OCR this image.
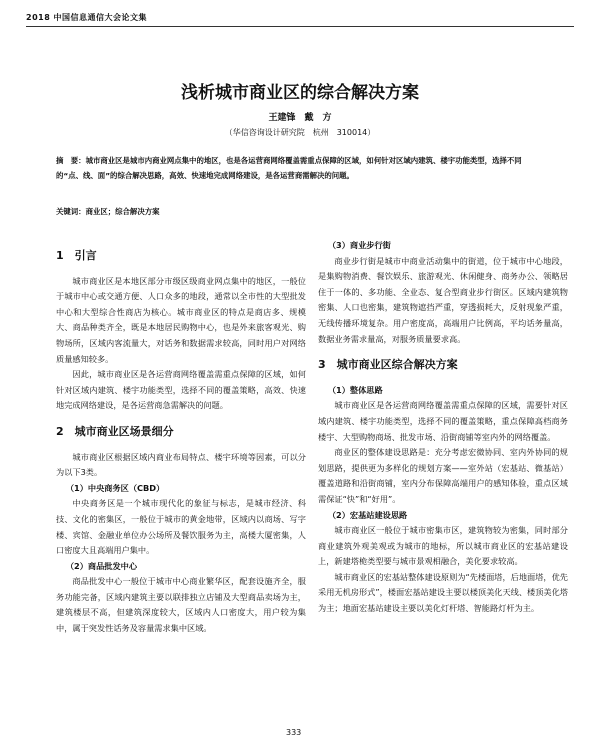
2018 中国信息通信大会论文集
浅析城市商业区的综合解决方案
王建锋　戴　方
（华信咨询设计研究院　杭州　310014）
摘　要：城市商业区是城市内商业网点集中的地区，也是各运营商网络覆盖需重点保障的区域，如何针对区域内建筑、楼宇功能类型，选择不同的“点、线、面”的综合解决思路，高效、快速地完成网络建设，是各运营商需解决的问题。
关键词：商业区；综合解决方案
1　引言

城市商业区是本地区部分市级区级商业网点集中的地区，一般位于城市中心或交通方便、人口众多的地段，通常以全市性的大型批发中心和大型综合性商店为核心。城市商业区的特点是商店多、规模大、商品种类齐全，既是本地居民购物中心，也是外来旅客观光、购物场所，区域内客流量大，对话务和数据需求较高，同时用户对网络质量感知较多。

因此，城市商业区是各运营商网络覆盖需重点保障的区域，如何针对区域内建筑、楼宇功能类型，选择不同的覆盖策略，高效、快速地完成网络建设，是各运营商急需解决的问题。

2　城市商业区场景细分

城市商业区根据区域内商业布局特点、楼宇环境等因素，可以分为以下3类。

（1）中央商务区（CBD）

中央商务区是一个城市现代化的象征与标志，是城市经济、科技、文化的密集区，一般位于城市的黄金地带，区域内以商场、写字楼、宾馆、金融业单位办公场所及餐饮服务为主，高楼大厦密集，人口密度大且高端用户集中。

（2）商品批发中心

商品批发中心一般位于城市中心商业繁华区，配套设施齐全，服务功能完备，区域内建筑主要以联排独立店铺及大型商品卖场为主，建筑楼层不高，但建筑深度较大，区域内人口密度大，用户较为集中，属于突发性话务及容量需求集中区域。

（3）商业步行街

商业步行街是城市中商业活动集中的街道，位于城市中心地段，是集购物消费、餐饮娱乐、旅游观光、休闲健身、商务办公、领略居住于一体的、多功能、全业态、复合型商业步行街区。区域内建筑物密集、人口也密集，建筑物遮挡严重，穿透损耗大，反射现象严重，无线传播环境复杂。用户密度高，高端用户比例高，平均话务量高，数据业务需求量高，对服务质量要求高。

3　城市商业区综合解决方案
（1）整体思路

城市商业区是各运营商网络覆盖需重点保障的区域，需要针对区域内建筑、楼宇功能类型，选择不同的覆盖策略，重点保障高档商务楼宇、大型购物商场、批发市场、沿街商铺等室内外的网络覆盖。

商业区的整体建设思路是：充分考虑宏微协同、室内外协同的规划思路，提供更为多样化的规划方案——室外站（宏基站、微基站）覆盖道路和沿街商铺，室内分布保障高端用户的感知体验，重点区域需保证“快”和“好用”。

（2）宏基站建设思路

城市商业区一般位于城市密集市区，建筑物较为密集，同时部分商业建筑外观美观或为城市的地标，所以城市商业区的宏基站建设上，新建塔桅类型要与城市景观相融合，美化要求较高。

城市商业区的宏基站整体建设原则为“先楼面塔，后地面塔，优先采用无机房形式”，楼面宏基站建设主要以楼顶美化天线、楼顶美化塔为主；地面宏基站建设主要以美化灯杆塔、智能路灯杆为主。

333
